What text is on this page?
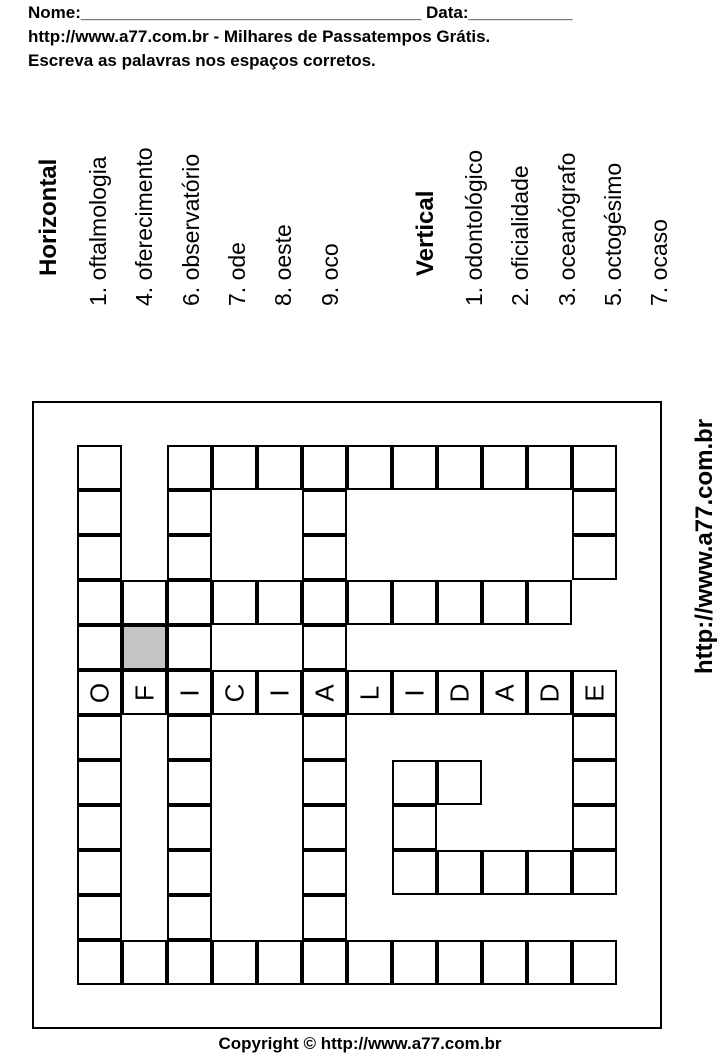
Nome:____________________________________ Data:___________
http://www.a77.com.br - Milhares de Passatempos Grátis.
Escreva as palavras nos espaços corretos.
Horizontal 1. oftalmologia 4. oferecimento 6. observatório 7. ode 8. oeste 9. oco	Vertical 1. odontológico 2. oficialidade 3. oceanógrafo 5. octogésimo 7. ocaso
http://www.a77.com.br
O F I C I A L I D A D E
Copyright © http://www.a77.com.br
